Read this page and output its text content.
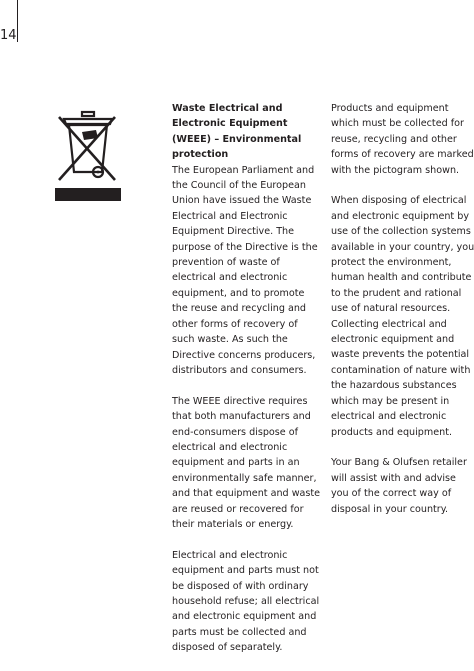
14

Waste Electrical and Electronic Equipment (WEEE) – Environmental protection
The European Parliament and the Council of the European Union have issued the Waste Electrical and Electronic Equipment Directive. The purpose of the Directive is the prevention of waste of electrical and electronic equipment, and to promote the reuse and recycling and other forms of recovery of such waste. As such the Directive concerns producers, distributors and consumers.

The WEEE directive requires that both manufacturers and end-consumers dispose of electrical and electronic equipment and parts in an environmentally safe manner, and that equipment and waste are reused or recovered for their materials or energy.

Electrical and electronic equipment and parts must not be disposed of with ordinary household refuse; all electrical and electronic equipment and parts must be collected and disposed of separately.

Products and equipment which must be collected for reuse, recycling and other forms of recovery are marked with the pictogram shown.

When disposing of electrical and electronic equipment by use of the collection systems available in your country, you protect the environment, human health and contribute to the prudent and rational use of natural resources. Collecting electrical and electronic equipment and waste prevents the potential contamination of nature with the hazardous substances which may be present in electrical and electronic products and equipment.

Your Bang & Olufsen retailer will assist with and advise you of the correct way of disposal in your country.
